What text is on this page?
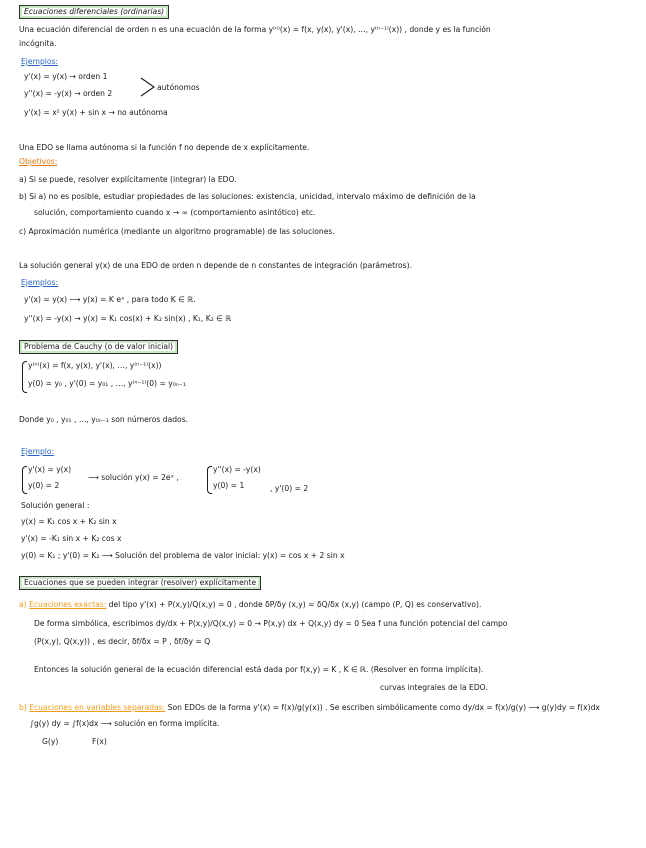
Ecuaciones diferenciales (ordinarias)
Una ecuación diferencial de orden n es una ecuación de la forma y⁽ⁿ⁾(x) = f(x, y(x), y'(x), …, y⁽ⁿ⁻¹⁾(x)) , donde y es la función
incógnita.
Ejemplos:
y'(x) = y(x) → orden 1
y''(x) = -y(x) → orden 2
autónomos
y'(x) = x² y(x) + sin x → no autónoma
Una EDO se llama autónoma si la función f no depende de x explícitamente.
Objetivos:
a) Si se puede, resolver explícitamente (integrar) la EDO.
b) Si a) no es posible, estudiar propiedades de las soluciones: existencia, unicidad, intervalo máximo de definición de la
solución, comportamiento cuando x → ∞ (comportamiento asintótico) etc.
c) Aproximación numérica (mediante un algoritmo programable) de las soluciones.
La solución general y(x) de una EDO de orden n depende de n constantes de integración (parámetros).
Ejemplos:
y'(x) = y(x) ⟶ y(x) = K eˣ , para todo K ∈ ℝ.
y''(x) = -y(x) → y(x) = K₁ cos(x) + K₂ sin(x) , K₁, K₂ ∈ ℝ
Problema de Cauchy (o de valor inicial)
y⁽ⁿ⁾(x) = f(x, y(x), y'(x), …, y⁽ⁿ⁻¹⁾(x))
y(0) = y₀ , y'(0) = y₀₁ , …, y⁽ⁿ⁻¹⁾(0) = y₀ₙ₋₁
Donde y₀ , y₀₁ , …, y₀ₙ₋₁ son números dados.
Ejemplo:
y'(x) = y(x)
y(0) = 2
⟶ solución y(x) = 2eˣ ,
y''(x) = -y(x)
y(0) = 1	, y'(0) = 2
Solución general :
y(x) = K₁ cos x + K₂ sin x
y'(x) = -K₁ sin x + K₂ cos x
y(0) = K₁ ; y'(0) = K₂ ⟶ Solución del problema de valor inicial: y(x) = cos x + 2 sin x
Ecuaciones que se pueden integrar (resolver) explícitamente
a) Ecuaciones exactas: del tipo y'(x) + P(x,y)/Q(x,y) = 0 , donde δP/δy (x,y) = δQ/δx (x,y) (campo (P, Q) es conservativo).
De forma simbólica, escribimos dy/dx + P(x,y)/Q(x,y) = 0 → P(x,y) dx + Q(x,y) dy = 0 Sea f una función potencial del campo
(P(x,y), Q(x,y)) , es decir, δf/δx = P , δf/δy = Q
Entonces la solución general de la ecuación diferencial está dada por f(x,y) = K , K ∈ ℝ. (Resolver en forma implícita).
curvas integrales de la EDO.
b) Ecuaciones en variables separadas: Son EDOs de la forma y'(x) = f(x)/g(y(x)) . Se escriben simbólicamente como dy/dx = f(x)/g(y) ⟶ g(y)dy = f(x)dx
∫g(y) dy = ∫f(x)dx ⟶ solución en forma implícita.
G(y)	F(x)
